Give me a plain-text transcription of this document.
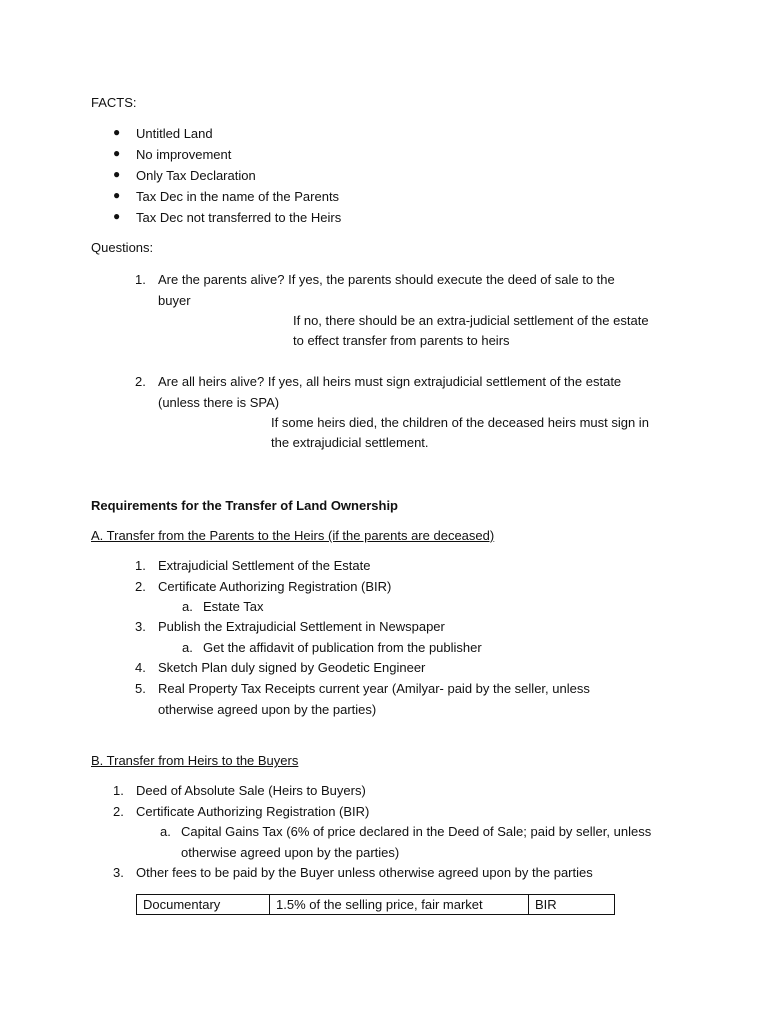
FACTS:
● Untitled Land
● No improvement
● Only Tax Declaration
● Tax Dec in the name of the Parents
● Tax Dec not transferred to the Heirs
Questions:
1. Are the parents alive? If yes, the parents should execute the deed of sale to the
buyer
If no, there should be an extra-judicial settlement of the estate
to effect transfer from parents to heirs
2. Are all heirs alive? If yes, all heirs must sign extrajudicial settlement of the estate
(unless there is SPA)
If some heirs died, the children of the deceased heirs must sign in
the extrajudicial settlement.
Requirements for the Transfer of Land Ownership
A. Transfer from the Parents to the Heirs (if the parents are deceased)
1. Extrajudicial Settlement of the Estate
2. Certificate Authorizing Registration (BIR)
a. Estate Tax
3. Publish the Extrajudicial Settlement in Newspaper
a. Get the affidavit of publication from the publisher
4. Sketch Plan duly signed by Geodetic Engineer
5. Real Property Tax Receipts current year (Amilyar- paid by the seller, unless
otherwise agreed upon by the parties)
B. Transfer from Heirs to the Buyers
1. Deed of Absolute Sale (Heirs to Buyers)
2. Certificate Authorizing Registration (BIR)
a. Capital Gains Tax (6% of price declared in the Deed of Sale; paid by seller, unless
otherwise agreed upon by the parties)
3. Other fees to be paid by the Buyer unless otherwise agreed upon by the parties
Documentary	1.5% of the selling price, fair market	BIR
